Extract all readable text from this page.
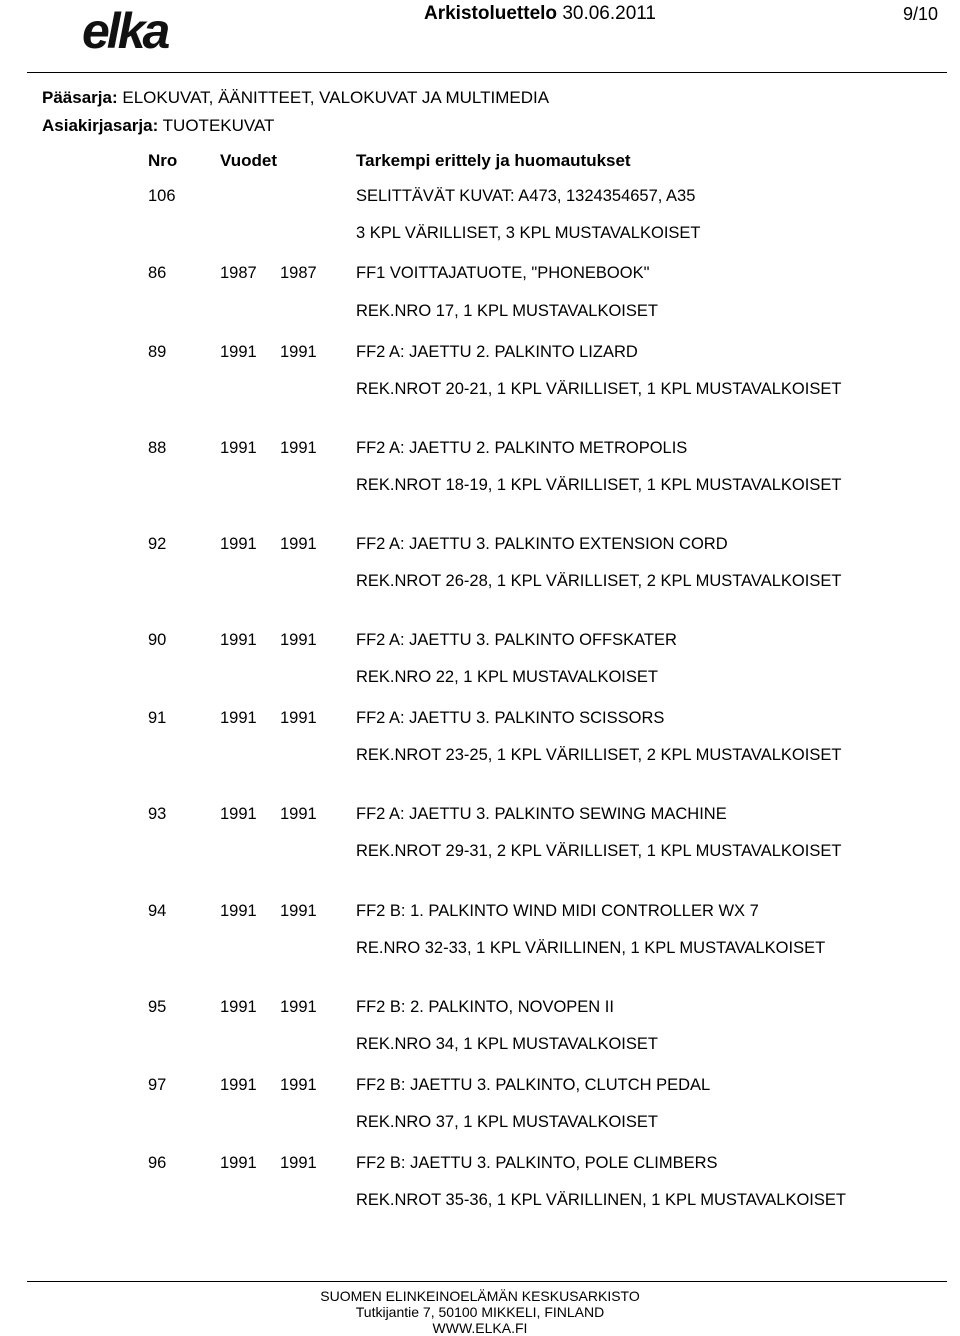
elka	Arkistoluettelo 30.06.2011	9/10
Pääsarja: ELOKUVAT, ÄÄNITTEET, VALOKUVAT JA MULTIMEDIA
Asiakirjasarja: TUOTEKUVAT
Nro	Vuodet	Tarkempi erittely ja huomautukset
106	SELITTÄVÄT KUVAT: A473, 1324354657, A35
3 KPL VÄRILLISET, 3 KPL MUSTAVALKOISET
86	1987 1987 FF1 VOITTAJATUOTE, "PHONEBOOK"
REK.NRO 17, 1 KPL MUSTAVALKOISET
89	1991 1991 FF2 A: JAETTU 2. PALKINTO LIZARD
REK.NROT 20-21, 1 KPL VÄRILLISET, 1 KPL MUSTAVALKOISET
88	1991 1991 FF2 A: JAETTU 2. PALKINTO METROPOLIS
REK.NROT 18-19, 1 KPL VÄRILLISET, 1 KPL MUSTAVALKOISET
92	1991 1991 FF2 A: JAETTU 3. PALKINTO EXTENSION CORD
REK.NROT 26-28, 1 KPL VÄRILLISET, 2 KPL MUSTAVALKOISET
90	1991 1991 FF2 A: JAETTU 3. PALKINTO OFFSKATER
REK.NRO 22, 1 KPL MUSTAVALKOISET
91	1991 1991 FF2 A: JAETTU 3. PALKINTO SCISSORS
REK.NROT 23-25, 1 KPL VÄRILLISET, 2 KPL MUSTAVALKOISET
93	1991 1991 FF2 A: JAETTU 3. PALKINTO SEWING MACHINE
REK.NROT 29-31, 2 KPL VÄRILLISET, 1 KPL MUSTAVALKOISET
94	1991 1991 FF2 B: 1. PALKINTO WIND MIDI CONTROLLER WX 7
RE.NRO 32-33, 1 KPL VÄRILLINEN, 1 KPL MUSTAVALKOISET
95	1991 1991 FF2 B: 2. PALKINTO, NOVOPEN II
REK.NRO 34, 1 KPL MUSTAVALKOISET
97	1991 1991 FF2 B: JAETTU 3. PALKINTO, CLUTCH PEDAL
REK.NRO 37, 1 KPL MUSTAVALKOISET
96	1991 1991 FF2 B: JAETTU 3. PALKINTO, POLE CLIMBERS
REK.NROT 35-36, 1 KPL VÄRILLINEN, 1 KPL MUSTAVALKOISET
SUOMEN ELINKEINOELÄMÄN KESKUSARKISTO
Tutkijantie 7, 50100 MIKKELI, FINLAND
WWW.ELKA.FI
